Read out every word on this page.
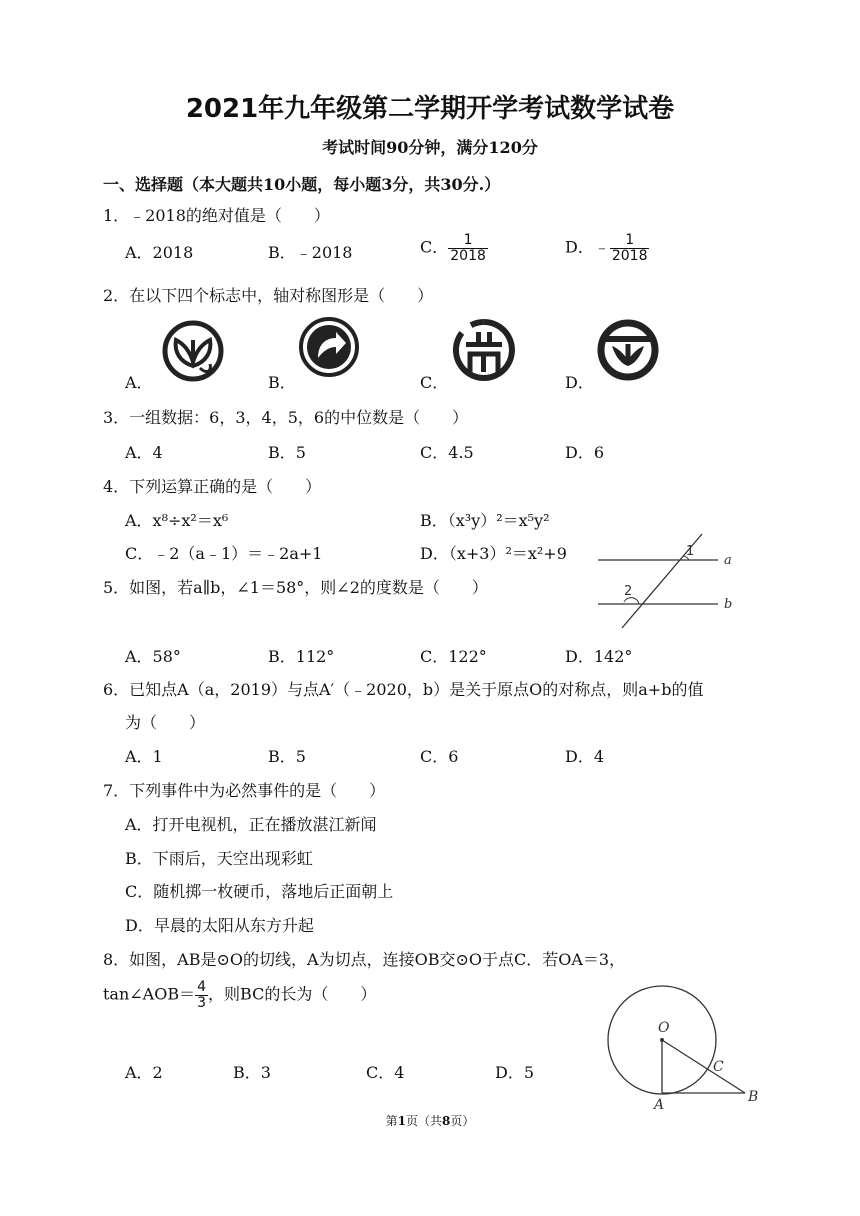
2021年九年级第二学期开学考试数学试卷
考试时间90分钟，满分120分
一、选择题（本大题共10小题，每小题3分，共30分.）
1．﹣2018的绝对值是（　　）
A．2018	B．﹣2018	C． $\frac{1}{2018}$	D．﹣ $\frac{1}{2018}$
2．在以下四个标志中，轴对称图形是（　　）
A．	B．	C．	D．
3．一组数据：6，3，4，5，6的中位数是（　　）
A．4	B．5	C．4.5	D．6
4．下列运算正确的是（　　）
A．x⁸÷x²＝x⁶	B．（x³y）²＝x⁵y²
C．﹣2（a﹣1）＝﹣2a+1	D．（x+3）²＝x²+9
5．如图，若a∥b，∠1＝58°，则∠2的度数是（　　）
A．58°	B．112°	C．122°	D．142°
1
2
a
b
6．已知点A（a，2019）与点A′（﹣2020，b）是关于原点O的对称点，则a+b的值
为（　　）
A．1	B．5	C．6	D．4
7．下列事件中为必然事件的是（　　）
A．打开电视机，正在播放湛江新闻
B．下雨后，天空出现彩虹
C．随机掷一枚硬币，落地后正面朝上
D．早晨的太阳从东方升起
8．如图，AB是⊙O的切线，A为切点，连接OB交⊙O于点C．若OA＝3，
tan∠AOB＝ $\frac{4}{3}$ ，则BC的长为（　　）
A．2	B．3	C．4	D．5
O
A	B
C
第1页（共8页）
